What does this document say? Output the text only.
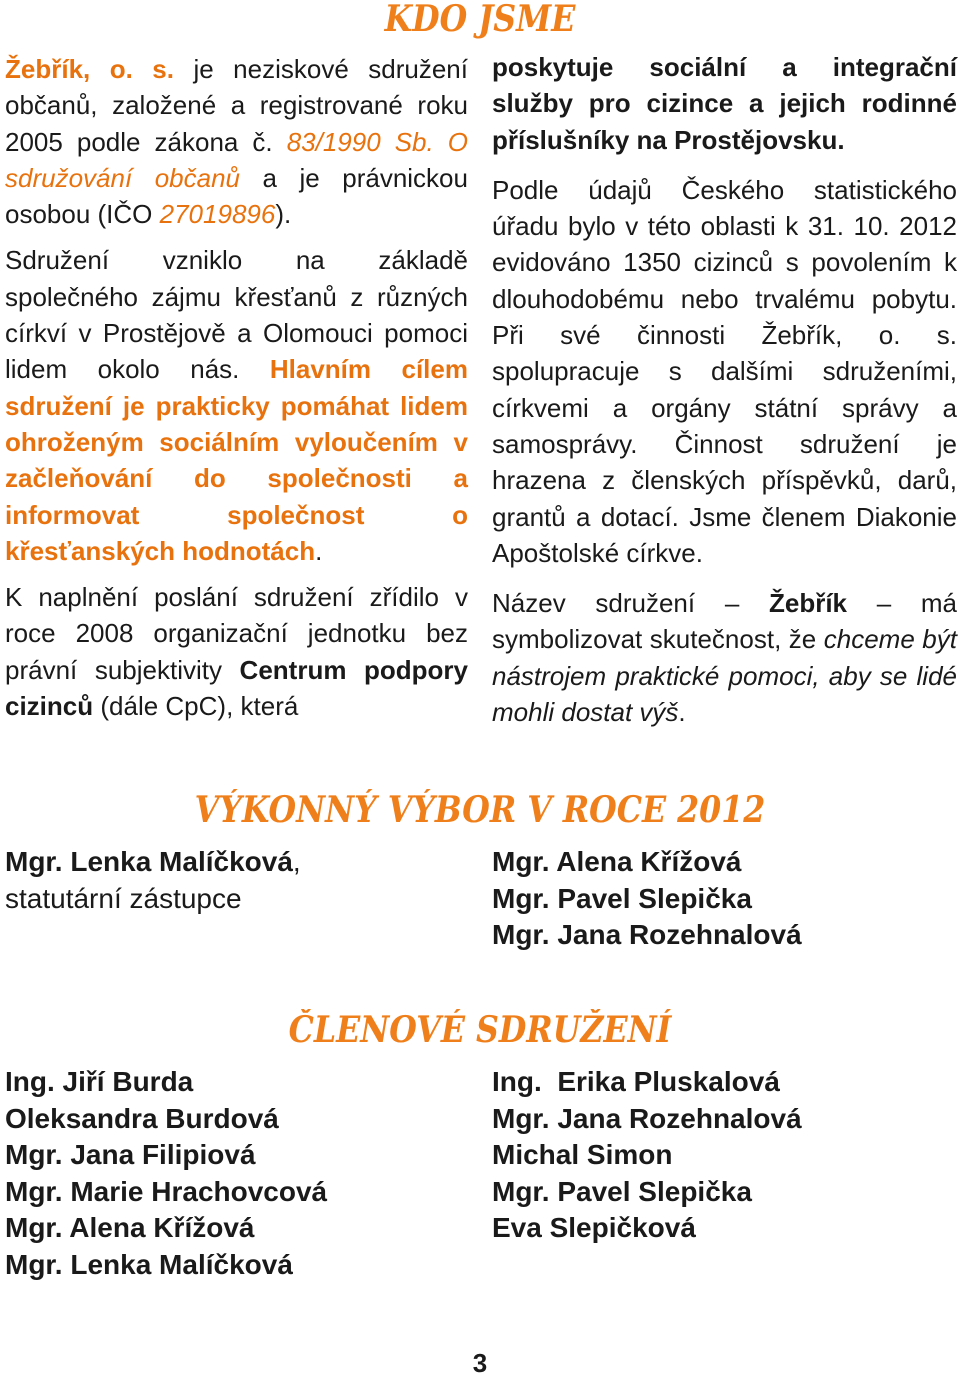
KDO JSME

Žebřík, o. s. je neziskové sdružení občanů, založené a registrované roku 2005 podle zákona č. 83/1990 Sb. O sdružování občanů a je právnickou osobou (IČO 27019896).

Sdružení vzniklo na základě společného zájmu křesťanů z různých církví v Prostějově a Olomouci pomoci lidem okolo nás. Hlavním cílem sdružení je prakticky pomáhat lidem ohroženým sociálním vyloučením v začleňování do společnosti a informovat společnost o křesťanských hodnotách.

K naplnění poslání sdružení zřídilo v roce 2008 organizační jednotku bez právní subjektivity Centrum podpory cizinců (dále CpC), která

poskytuje sociální a integrační služby pro cizince a jejich rodinné příslušníky na Prostějovsku.

Podle údajů Českého statistického úřadu bylo v této oblasti k 31. 10. 2012 evidováno 1350 cizinců s povolením k dlouhodobému nebo trvalému pobytu. Při své činnosti Žebřík, o. s. spolupracuje s dalšími sdruženími, církvemi a orgány státní správy a samosprávy. Činnost sdružení je hrazena z členských příspěvků, darů, grantů a dotací. Jsme členem Diakonie Apoštolské církve.

Název sdružení – Žebřík – má symbolizovat skutečnost, že chceme být nástrojem praktické pomoci, aby se lidé mohli dostat výš.

VÝKONNÝ VÝBOR V ROCE 2012
Mgr. Lenka Malíčková,
statutární zástupce
Mgr. Alena Křížová
Mgr. Pavel Slepička
Mgr. Jana Rozehnalová
ČLENOVÉ SDRUŽENÍ
Ing. Jiří Burda
Oleksandra Burdová
Mgr. Jana Filipiová
Mgr. Marie Hrachovcová
Mgr. Alena Křížová
Mgr. Lenka Malíčková
Ing.  Erika Pluskalová
Mgr. Jana Rozehnalová
Michal Simon
Mgr. Pavel Slepička
Eva Slepičková
3
